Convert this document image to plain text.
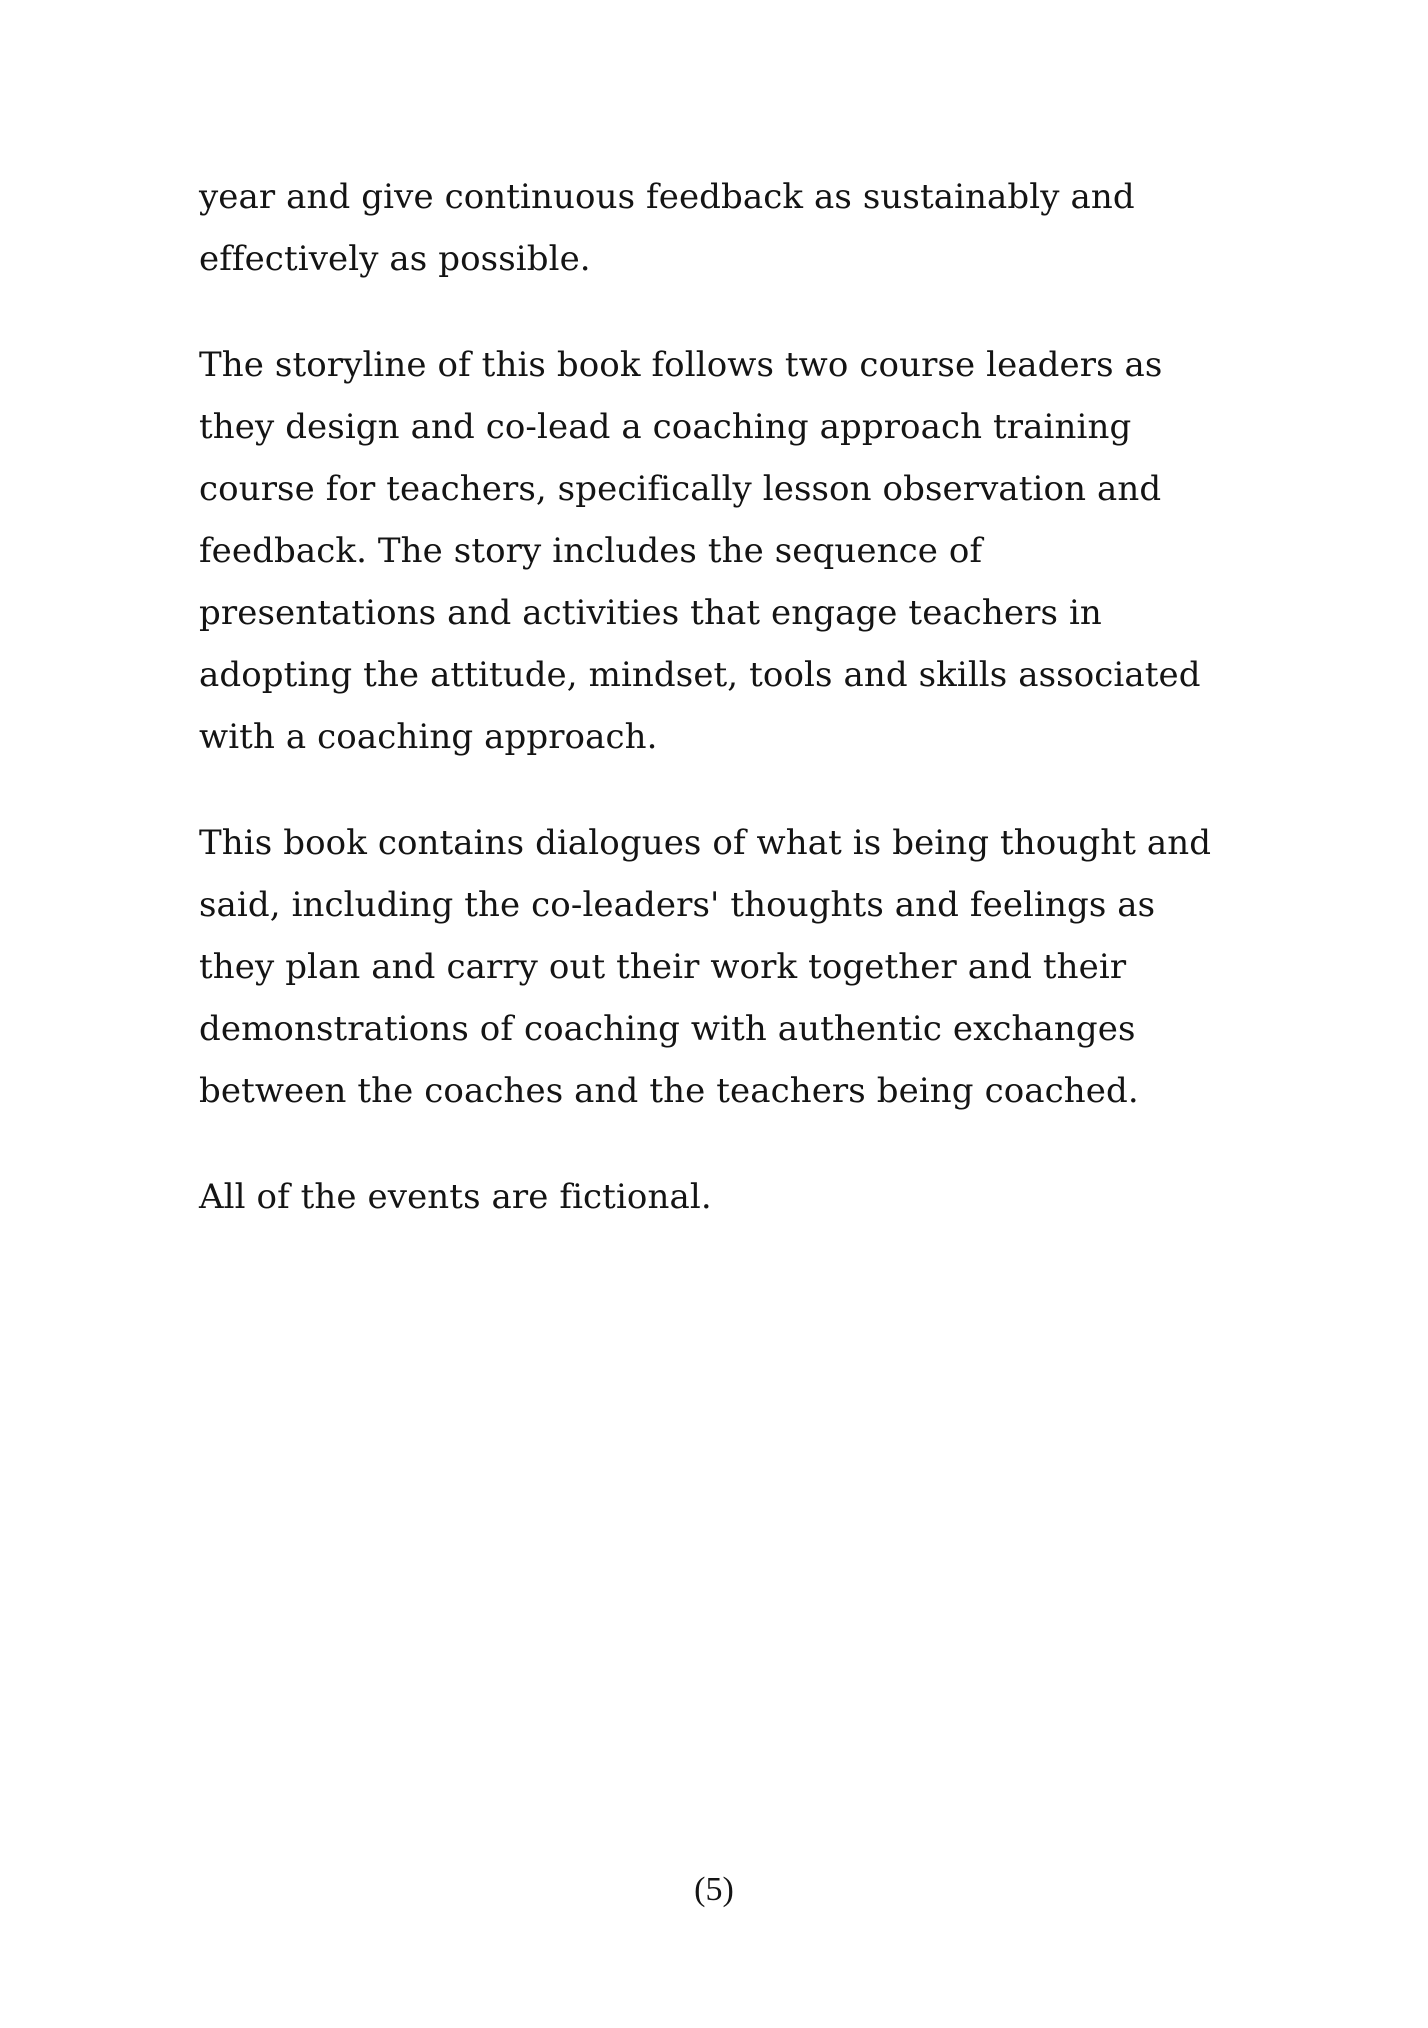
year and give continuous feedback as sustainably and
effectively as possible.

The storyline of this book follows two course leaders as
they design and co-lead a coaching approach training
course for teachers, specifically lesson observation and
feedback. The story includes the sequence of
presentations and activities that engage teachers in
adopting the attitude, mindset, tools and skills associated
with a coaching approach.

This book contains dialogues of what is being thought and
said, including the co-leaders' thoughts and feelings as
they plan and carry out their work together and their
demonstrations of coaching with authentic exchanges
between the coaches and the teachers being coached.

All of the events are fictional.

(5)
